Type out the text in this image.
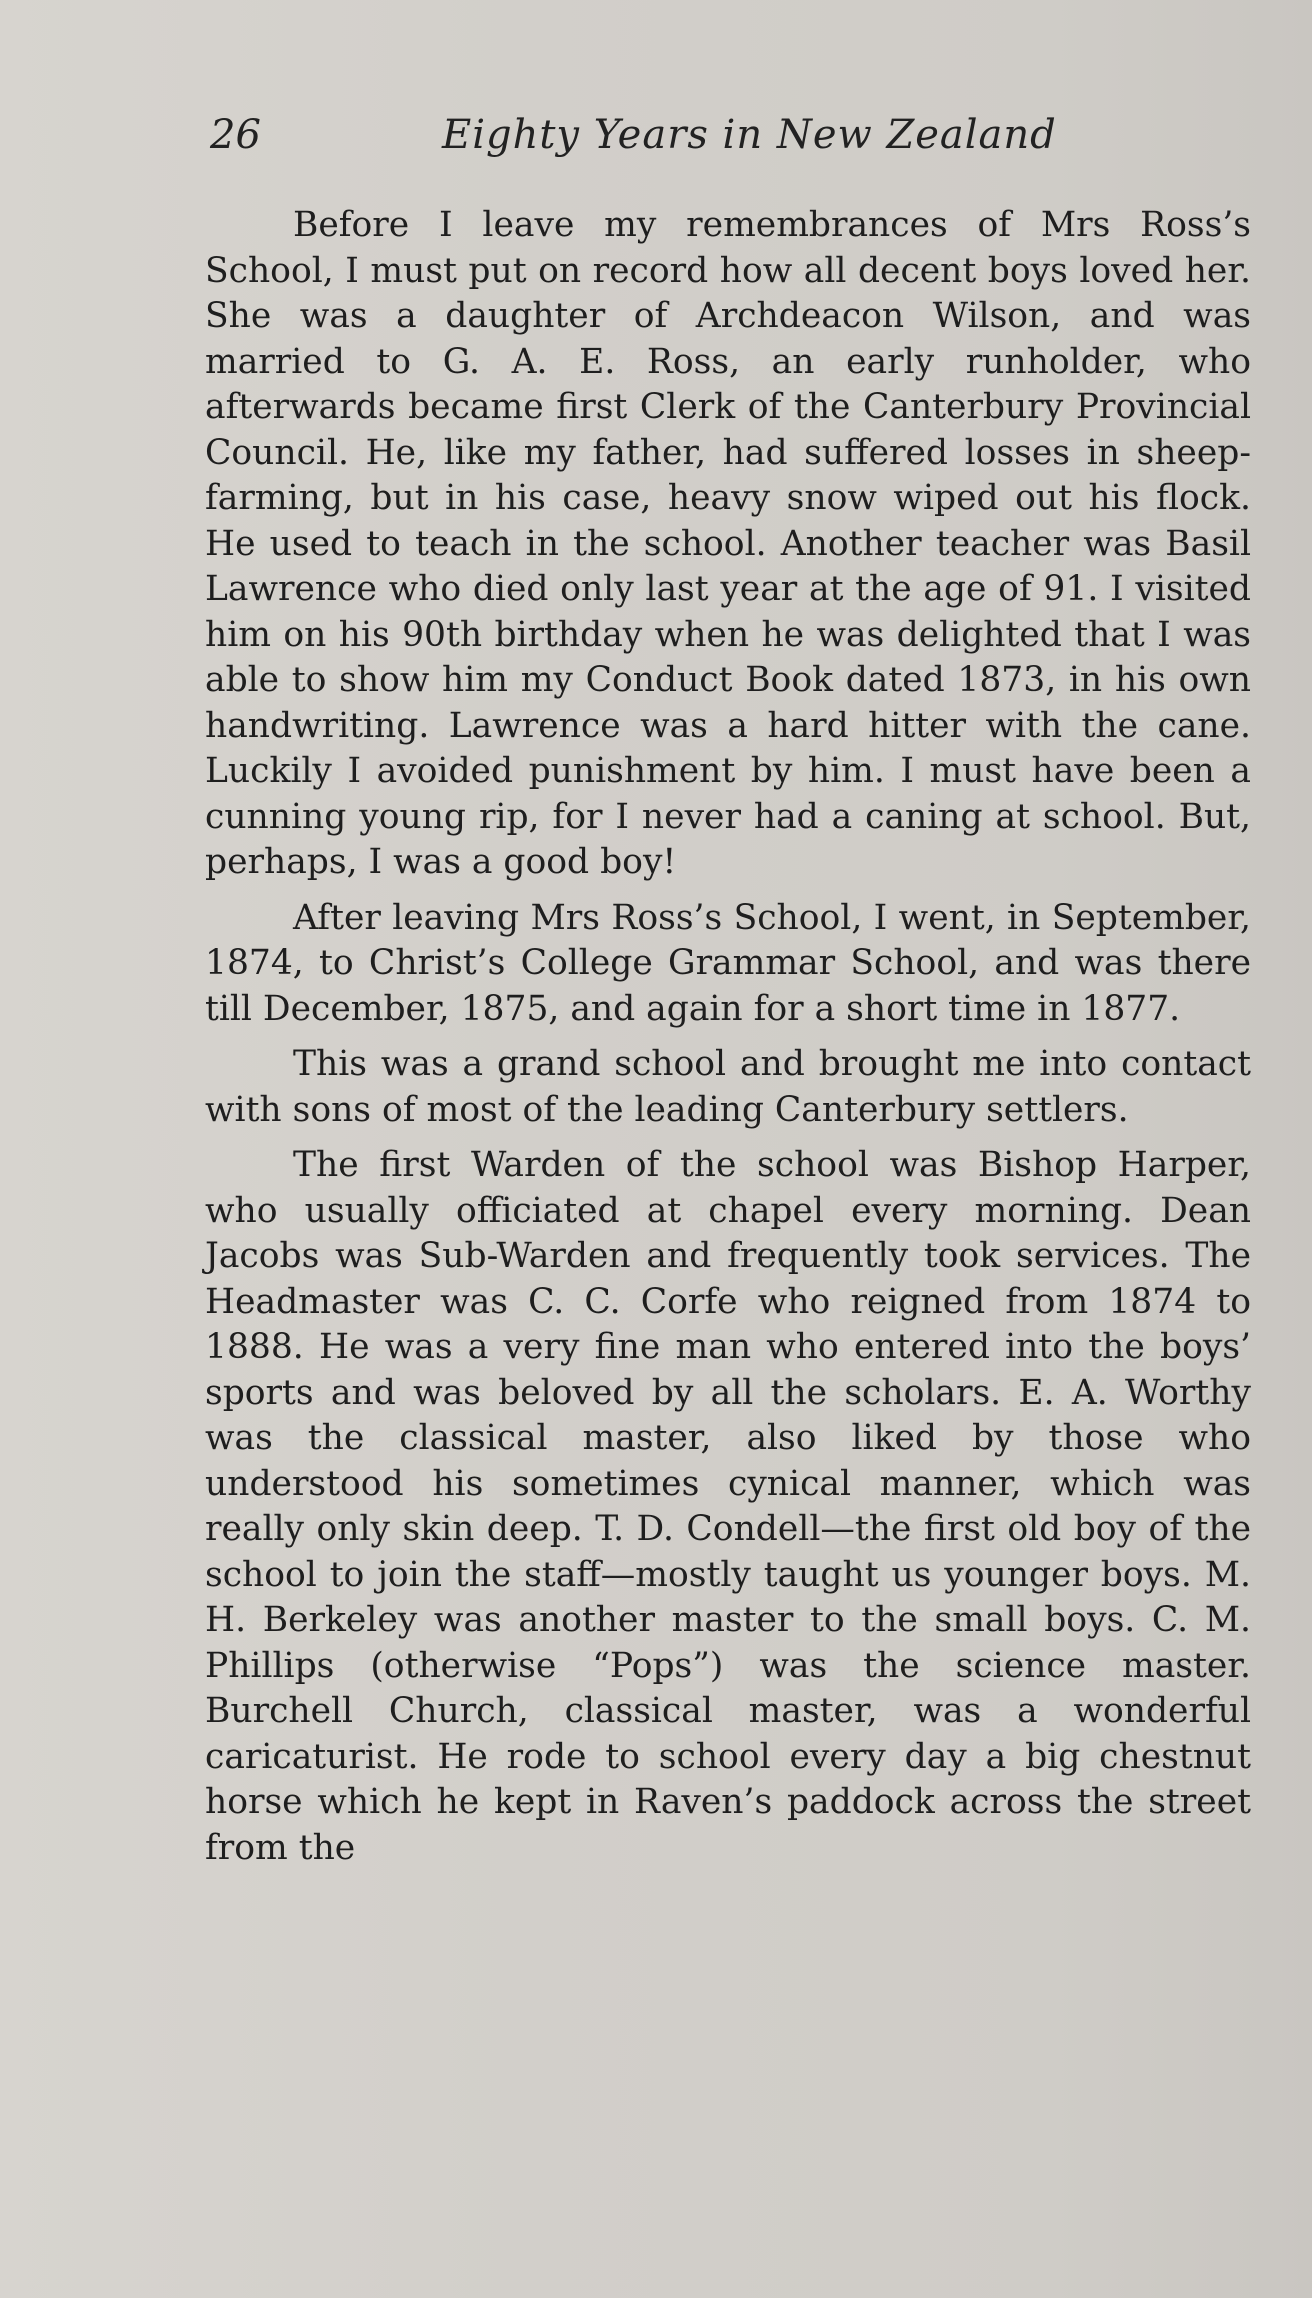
26	Eighty Years in New Zealand

Before I leave my remembrances of Mrs Ross’s School, I must put on record how all decent boys loved her. She was a daughter of Archdeacon Wilson, and was married to G. A. E. Ross, an early runholder, who afterwards became first Clerk of the Canterbury Provincial Council. He, like my father, had suffered losses in sheep-farming, but in his case, heavy snow wiped out his flock. He used to teach in the school. Another teacher was Basil Lawrence who died only last year at the age of 91. I visited him on his 90th birthday when he was delighted that I was able to show him my Conduct Book dated 1873, in his own handwriting. Lawrence was a hard hitter with the cane. Luckily I avoided punishment by him. I must have been a cunning young rip, for I never had a caning at school. But, perhaps, I was a good boy!

After leaving Mrs Ross’s School, I went, in September, 1874, to Christ’s College Grammar School, and was there till December, 1875, and again for a short time in 1877.

This was a grand school and brought me into contact with sons of most of the leading Canterbury settlers.

The first Warden of the school was Bishop Harper, who usually officiated at chapel every morning. Dean Jacobs was Sub-Warden and frequently took services. The Headmaster was C. C. Corfe who reigned from 1874 to 1888. He was a very fine man who entered into the boys’ sports and was beloved by all the scholars. E. A. Worthy was the classical master, also liked by those who understood his sometimes cynical manner, which was really only skin deep. T. D. Condell—the first old boy of the school to join the staff—mostly taught us younger boys. M. H. Berkeley was another master to the small boys. C. M. Phillips (otherwise “Pops”) was the science master. Burchell Church, classical master, was a wonderful caricaturist. He rode to school every day a big chestnut horse which he kept in Raven’s paddock across the street from the
